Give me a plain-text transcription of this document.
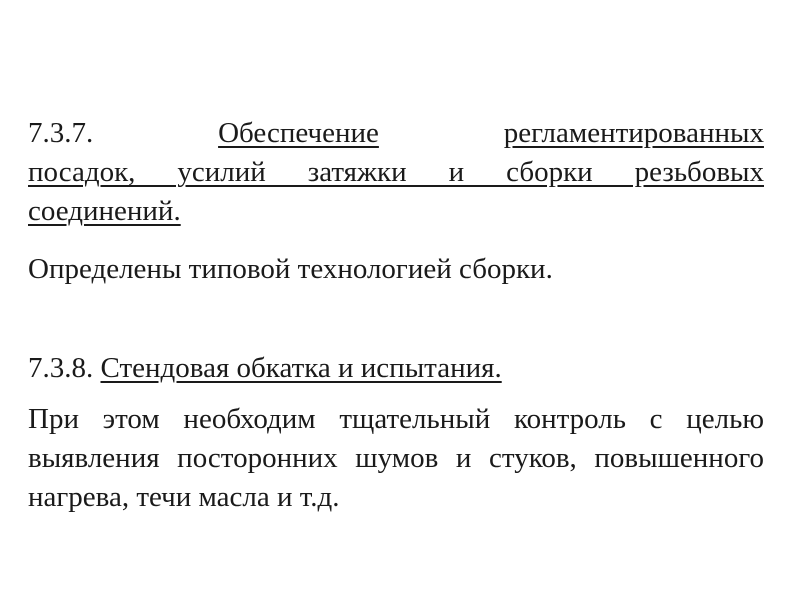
7.3.7.	Обеспечение	регламентированных
посадок, усилий затяжки и сборки резьбовых
соединений.
Определены типовой технологией сборки.
7.3.8. Стендовая обкатка и испытания.
При этом необходим тщательный контроль с целью выявления посторонних шумов и стуков, повышенного нагрева, течи масла и т.д.
